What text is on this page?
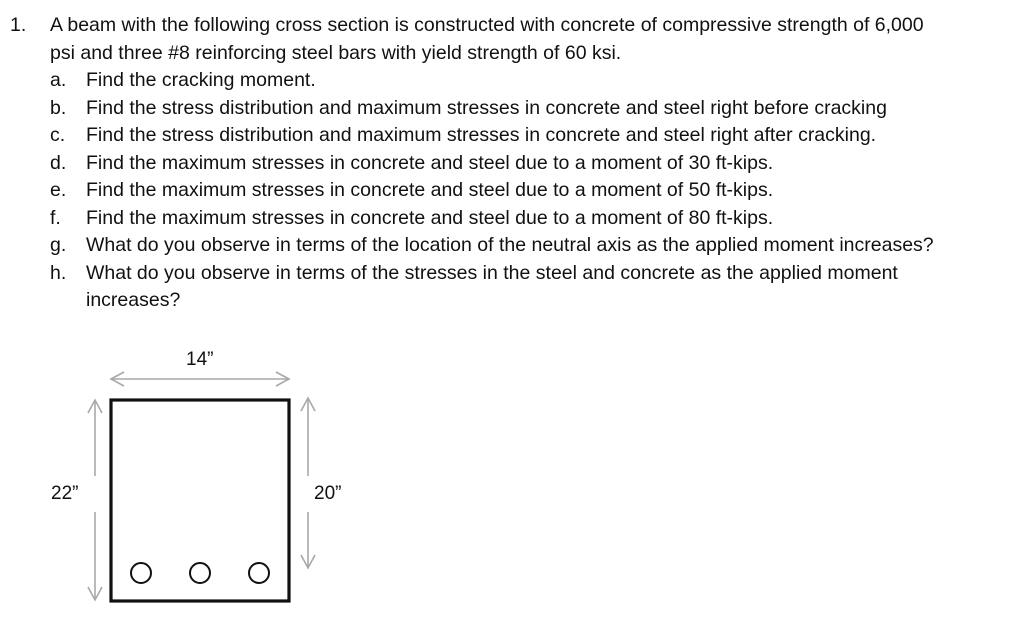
1.	A beam with the following cross section is constructed with concrete of compressive strength of 6,000 psi and three #8 reinforcing steel bars with yield strength of 60 ksi.
a.	Find the cracking moment.
b.	Find the stress distribution and maximum stresses in concrete and steel right before cracking
c.	Find the stress distribution and maximum stresses in concrete and steel right after cracking.
d.	Find the maximum stresses in concrete and steel due to a moment of 30 ft-kips.
e.	Find the maximum stresses in concrete and steel due to a moment of 50 ft-kips.
f.	Find the maximum stresses in concrete and steel due to a moment of 80 ft-kips.
g.	What do you observe in terms of the location of the neutral axis as the applied moment increases?
h.	What do you observe in terms of the stresses in the steel and concrete as the applied moment increases?
14”
22”	20”
